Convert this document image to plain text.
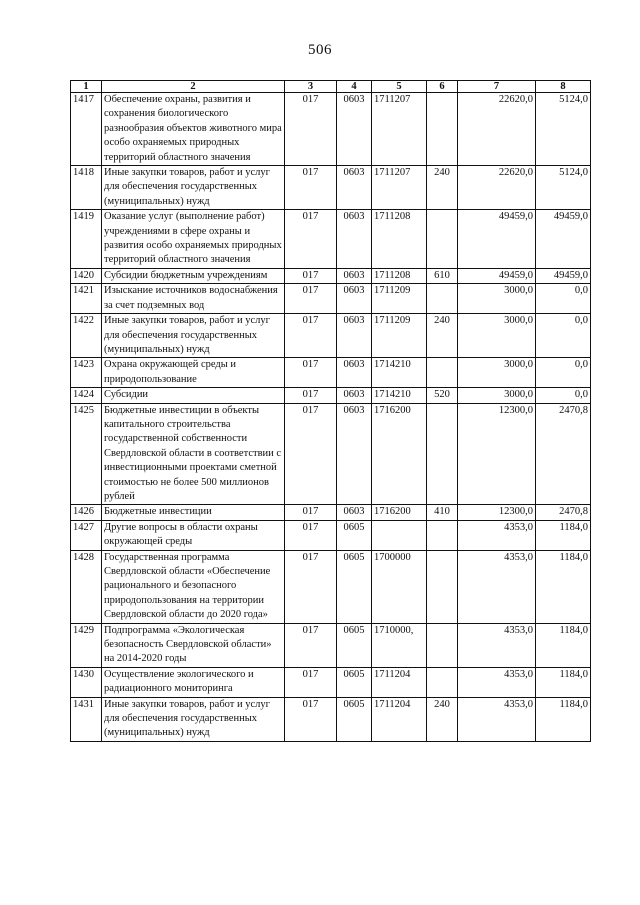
506
1	2	3	4	5	6	7	8
1417	Обеспечение охраны, развития и сохранения биологического разнообразия объектов животного мира особо охраняемых природных территорий областного значения	017	0603	1711207		22620,0	5124,0
1418	Иные закупки товаров, работ и услуг для обеспечения государственных (муниципальных) нужд	017	0603	1711207	240	22620,0	5124,0
1419	Оказание услуг (выполнение работ) учреждениями в сфере охраны и развития особо охраняемых природных территорий областного значения	017	0603	1711208		49459,0	49459,0
1420	Субсидии бюджетным учреждениям	017	0603	1711208	610	49459,0	49459,0
1421	Изыскание источников водоснабжения за счет подземных вод	017	0603	1711209		3000,0	0,0
1422	Иные закупки товаров, работ и услуг для обеспечения государственных (муниципальных) нужд	017	0603	1711209	240	3000,0	0,0
1423	Охрана окружающей среды и природопользование	017	0603	1714210		3000,0	0,0
1424	Субсидии	017	0603	1714210	520	3000,0	0,0
1425	Бюджетные инвестиции в объекты капитального строительства государственной собственности Свердловской области в соответствии с инвестиционными проектами сметной стоимостью не более 500 миллионов рублей	017	0603	1716200		12300,0	2470,8
1426	Бюджетные инвестиции	017	0603	1716200	410	12300,0	2470,8
1427	Другие вопросы в области охраны окружающей среды	017	0605			4353,0	1184,0
1428	Государственная программа Свердловской области «Обеспечение рационального и безопасного природопользования на территории Свердловской области до 2020 года»	017	0605	1700000		4353,0	1184,0
1429	Подпрограмма «Экологическая безопасность Свердловской области» на 2014-2020 годы	017	0605	1710000,		4353,0	1184,0
1430	Осуществление экологического и радиационного мониторинга	017	0605	1711204		4353,0	1184,0
1431	Иные закупки товаров, работ и услуг для обеспечения государственных (муниципальных) нужд	017	0605	1711204	240	4353,0	1184,0
